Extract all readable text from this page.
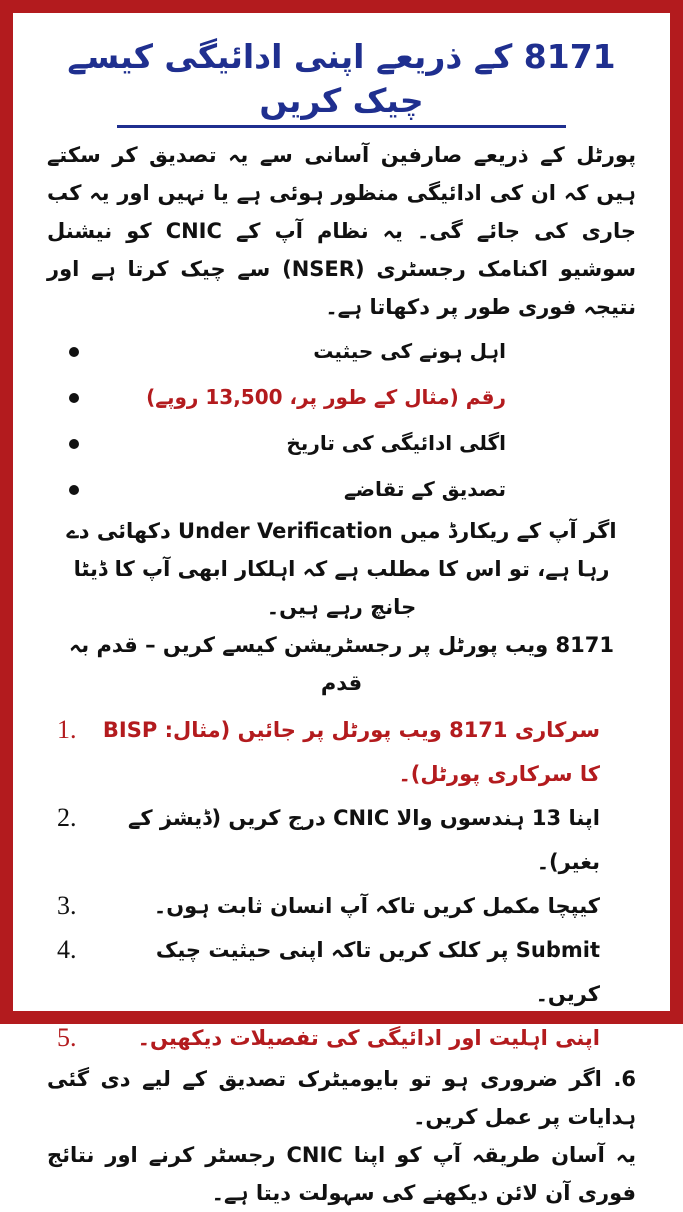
8171 کے ذریعے اپنی ادائیگی کیسے چیک کریں

پورٹل کے ذریعے صارفین آسانی سے یہ تصدیق کر سکتے ہیں کہ ان کی ادائیگی منظور ہوئی ہے یا نہیں اور یہ کب جاری کی جائے گی۔ یہ نظام آپ کے CNIC کو نیشنل سوشیو اکنامک رجسٹری (NSER) سے چیک کرتا ہے اور نتیجہ فوری طور پر دکھاتا ہے۔

اہل ہونے کی حیثیت
رقم (مثال کے طور پر، 13,500 روپے)
اگلی ادائیگی کی تاریخ
تصدیق کے تقاضے

اگر آپ کے ریکارڈ میں Under Verification دکھائی دے رہا ہے، تو اس کا مطلب ہے کہ اہلکار ابھی آپ کا ڈیٹا جانچ رہے ہیں۔

8171 ویب پورٹل پر رجسٹریشن کیسے کریں – قدم بہ قدم

1. سرکاری 8171 ویب پورٹل پر جائیں (مثال: BISP کا سرکاری پورٹل)۔
2. اپنا 13 ہندسوں والا CNIC درج کریں (ڈیشز کے بغیر)۔
3.	کیپچا مکمل کریں تاکہ آپ انسان ثابت ہوں۔
4.	Submit پر کلک کریں تاکہ اپنی حیثیت چیک کریں۔
5.	اپنی اہلیت اور ادائیگی کی تفصیلات دیکھیں۔

6. اگر ضروری ہو تو بایومیٹرک تصدیق کے لیے دی گئی ہدایات پر عمل کریں۔

یہ آسان طریقہ آپ کو اپنا CNIC رجسٹر کرنے اور نتائج فوری آن لائن دیکھنے کی سہولت دیتا ہے۔
